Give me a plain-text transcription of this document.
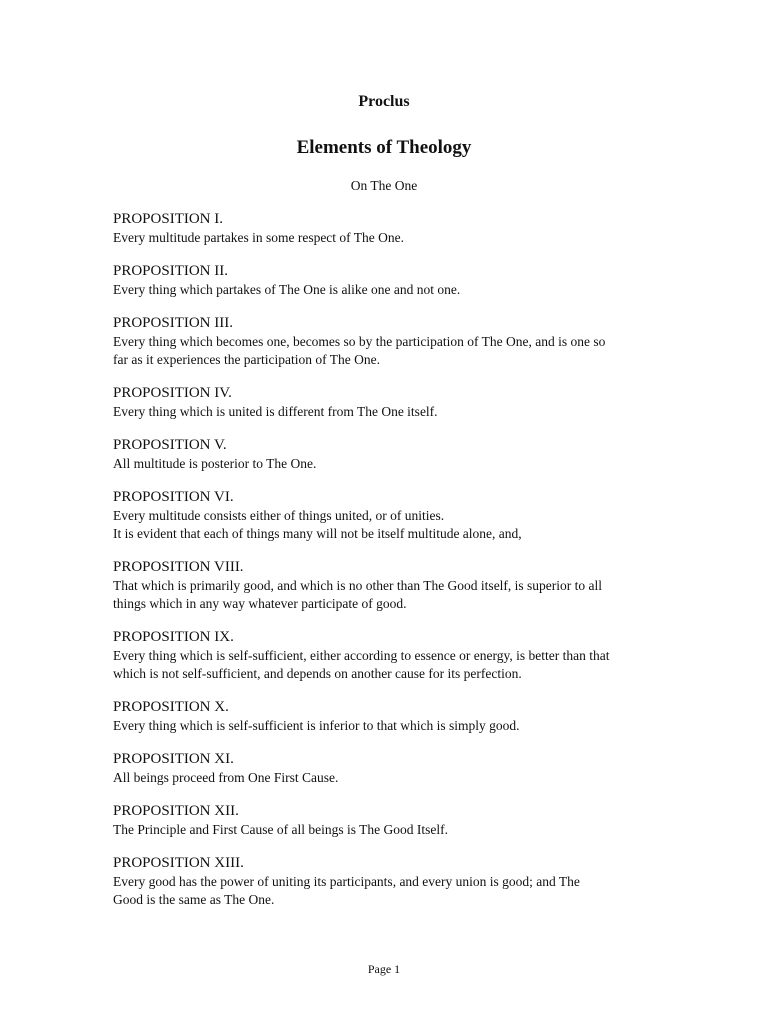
Proclus
Elements of Theology
On The One
PROPOSITION I.
Every multitude partakes in some respect of The One.
PROPOSITION II.
Every thing which partakes of The One is alike one and not one.
PROPOSITION III.
Every thing which becomes one, becomes so by the participation of The One, and is one so
far as it experiences the participation of The One.
PROPOSITION IV.
Every thing which is united is different from The One itself.
PROPOSITION V.
All multitude is posterior to The One.
PROPOSITION VI.
Every multitude consists either of things united, or of unities.
It is evident that each of things many will not be itself multitude alone, and,
PROPOSITION VIII.
That which is primarily good, and which is no other than The Good itself, is superior to all
things which in any way whatever participate of good.
PROPOSITION IX.
Every thing which is self-sufficient, either according to essence or energy, is better than that
which is not self-sufficient, and depends on another cause for its perfection.
PROPOSITION X.
Every thing which is self-sufficient is inferior to that which is simply good.
PROPOSITION XI.
All beings proceed from One First Cause.
PROPOSITION XII.
The Principle and First Cause of all beings is The Good Itself.
PROPOSITION XIII.
Every good has the power of uniting its participants, and every union is good; and The
Good is the same as The One.
Page 1
